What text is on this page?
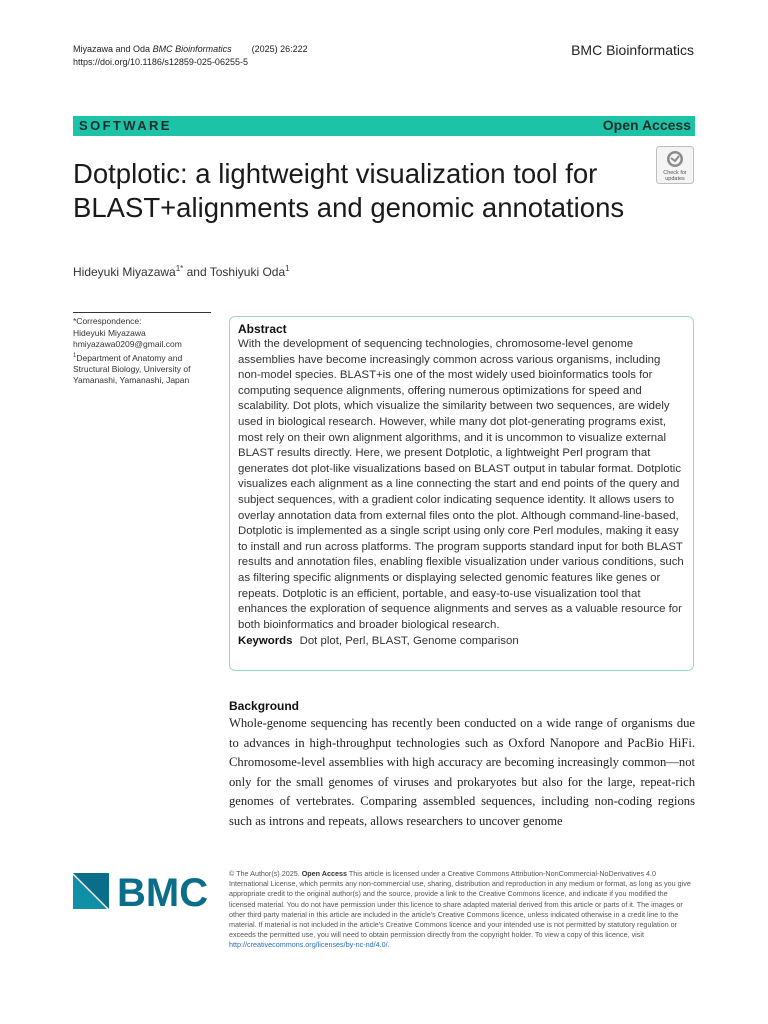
Miyazawa and Oda BMC Bioinformatics (2025) 26:222
https://doi.org/10.1186/s12859-025-06255-5
BMC Bioinformatics
SOFTWARE	Open Access
Dotplotic: a lightweight visualization tool for BLAST+alignments and genomic annotations
Check for
updates
Hideyuki Miyazawa$^{1*}$ and Toshiyuki Oda$^1$
*Correspondence:
Hideyuki Miyazawa
hmiyazawa0209@gmail.com
$^1$Department of Anatomy and Structural Biology, University of Yamanashi, Yamanashi, Japan
Abstract
With the development of sequencing technologies, chromosome-level genome assemblies have become increasingly common across various organisms, including non-model species. BLAST+is one of the most widely used bioinformatics tools for computing sequence alignments, offering numerous optimizations for speed and scalability. Dot plots, which visualize the similarity between two sequences, are widely used in biological research. However, while many dot plot-generating programs exist, most rely on their own alignment algorithms, and it is uncommon to visualize external BLAST results directly. Here, we present Dotplotic, a lightweight Perl program that generates dot plot-like visualizations based on BLAST output in tabular format. Dotplotic visualizes each alignment as a line connecting the start and end points of the query and subject sequences, with a gradient color indicating sequence identity. It allows users to overlay annotation data from external files onto the plot. Although command-line-based, Dotplotic is implemented as a single script using only core Perl modules, making it easy to install and run across platforms. The program supports standard input for both BLAST results and annotation files, enabling flexible visualization under various conditions, such as filtering specific alignments or displaying selected genomic features like genes or repeats. Dotplotic is an efficient, portable, and easy-to-use visualization tool that enhances the exploration of sequence alignments and serves as a valuable resource for both bioinformatics and broader biological research.
Keywords Dot plot, Perl, BLAST, Genome comparison
Background
Whole-genome sequencing has recently been conducted on a wide range of organisms due to advances in high-throughput technologies such as Oxford Nanopore and PacBio HiFi. Chromosome-level assemblies with high accuracy are becoming increasingly common—not only for the small genomes of viruses and prokaryotes but also for the large, repeat-rich genomes of vertebrates. Comparing assembled sequences, including non-coding regions such as introns and repeats, allows researchers to uncover genome
BMC	© The Author(s) 2025. Open Access This article is licensed under a Creative Commons Attribution-NonCommercial-NoDerivatives 4.0 International License, which permits any non-commercial use, sharing, distribution and reproduction in any medium or format, as long as you give appropriate credit to the original author(s) and the source, provide a link to the Creative Commons licence, and indicate if you modified the licensed material. You do not have permission under this licence to share adapted material derived from this article or parts of it. The images or other third party material in this article are included in the article's Creative Commons licence, unless indicated otherwise in a credit line to the material. If material is not included in the article's Creative Commons licence and your intended use is not permitted by statutory regulation or exceeds the permitted use, you will need to obtain permission directly from the copyright holder. To view a copy of this licence, visit http://creativecommons.org/licenses/by-nc-nd/4.0/.
